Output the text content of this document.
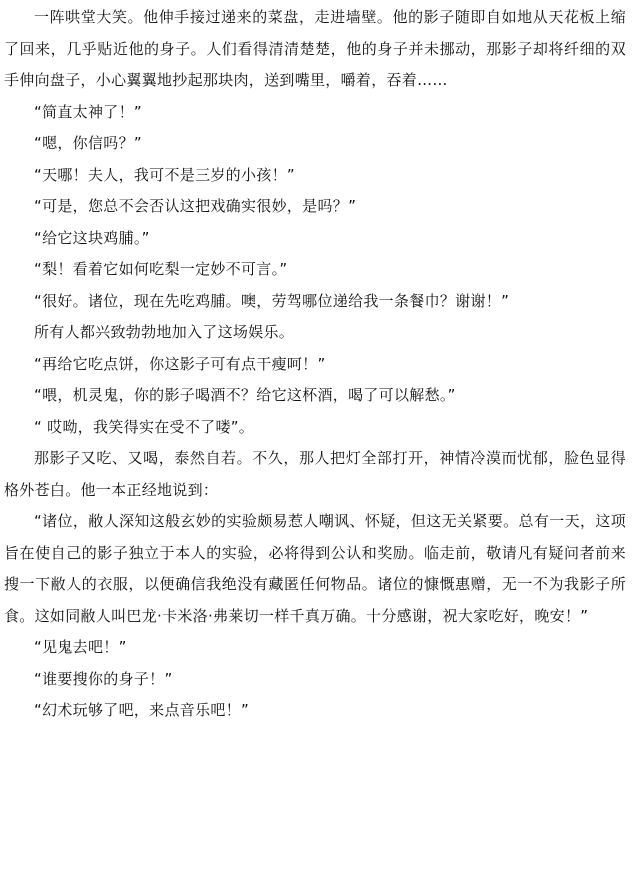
一阵哄堂大笑。他伸手接过递来的菜盘，走进墙壁。他的影子随即自如地从天花板上缩了回来，几乎贴近他的身子。人们看得清清楚楚，他的身子并未挪动，那影子却将纤细的双手伸向盘子，小心翼翼地抄起那块肉，送到嘴里，嚼着，吞着……

“简直太神了！”

“嗯，你信吗？”

“天哪！夫人，我可不是三岁的小孩！”

“可是，您总不会否认这把戏确实很妙，是吗？”

“给它这块鸡脯。”

“梨！看着它如何吃梨一定妙不可言。”

“很好。诸位，现在先吃鸡脯。噢，劳驾哪位递给我一条餐巾？谢谢！”

所有人都兴致勃勃地加入了这场娱乐。

“再给它吃点饼，你这影子可有点干瘦呵！”

“喂，机灵鬼，你的影子喝酒不？给它这杯酒，喝了可以解愁。”

“ 哎呦，我笑得实在受不了喽”。

那影子又吃、又喝，泰然自若。不久，那人把灯全部打开，神情冷漠而忧郁，脸色显得格外苍白。他一本正经地说到：

“诸位，敝人深知这般玄妙的实验颇易惹人嘲讽、怀疑，但这无关紧要。总有一天，这项旨在使自己的影子独立于本人的实验，必将得到公认和奖励。临走前，敬请凡有疑问者前来搜一下敝人的衣服，以便确信我绝没有藏匿任何物品。诸位的慷慨惠赠，无一不为我影子所食。这如同敝人叫巴龙·卡米洛·弗莱切一样千真万确。十分感谢，祝大家吃好，晚安！”

“见鬼去吧！”

“谁要搜你的身子！”

“幻术玩够了吧，来点音乐吧！”
